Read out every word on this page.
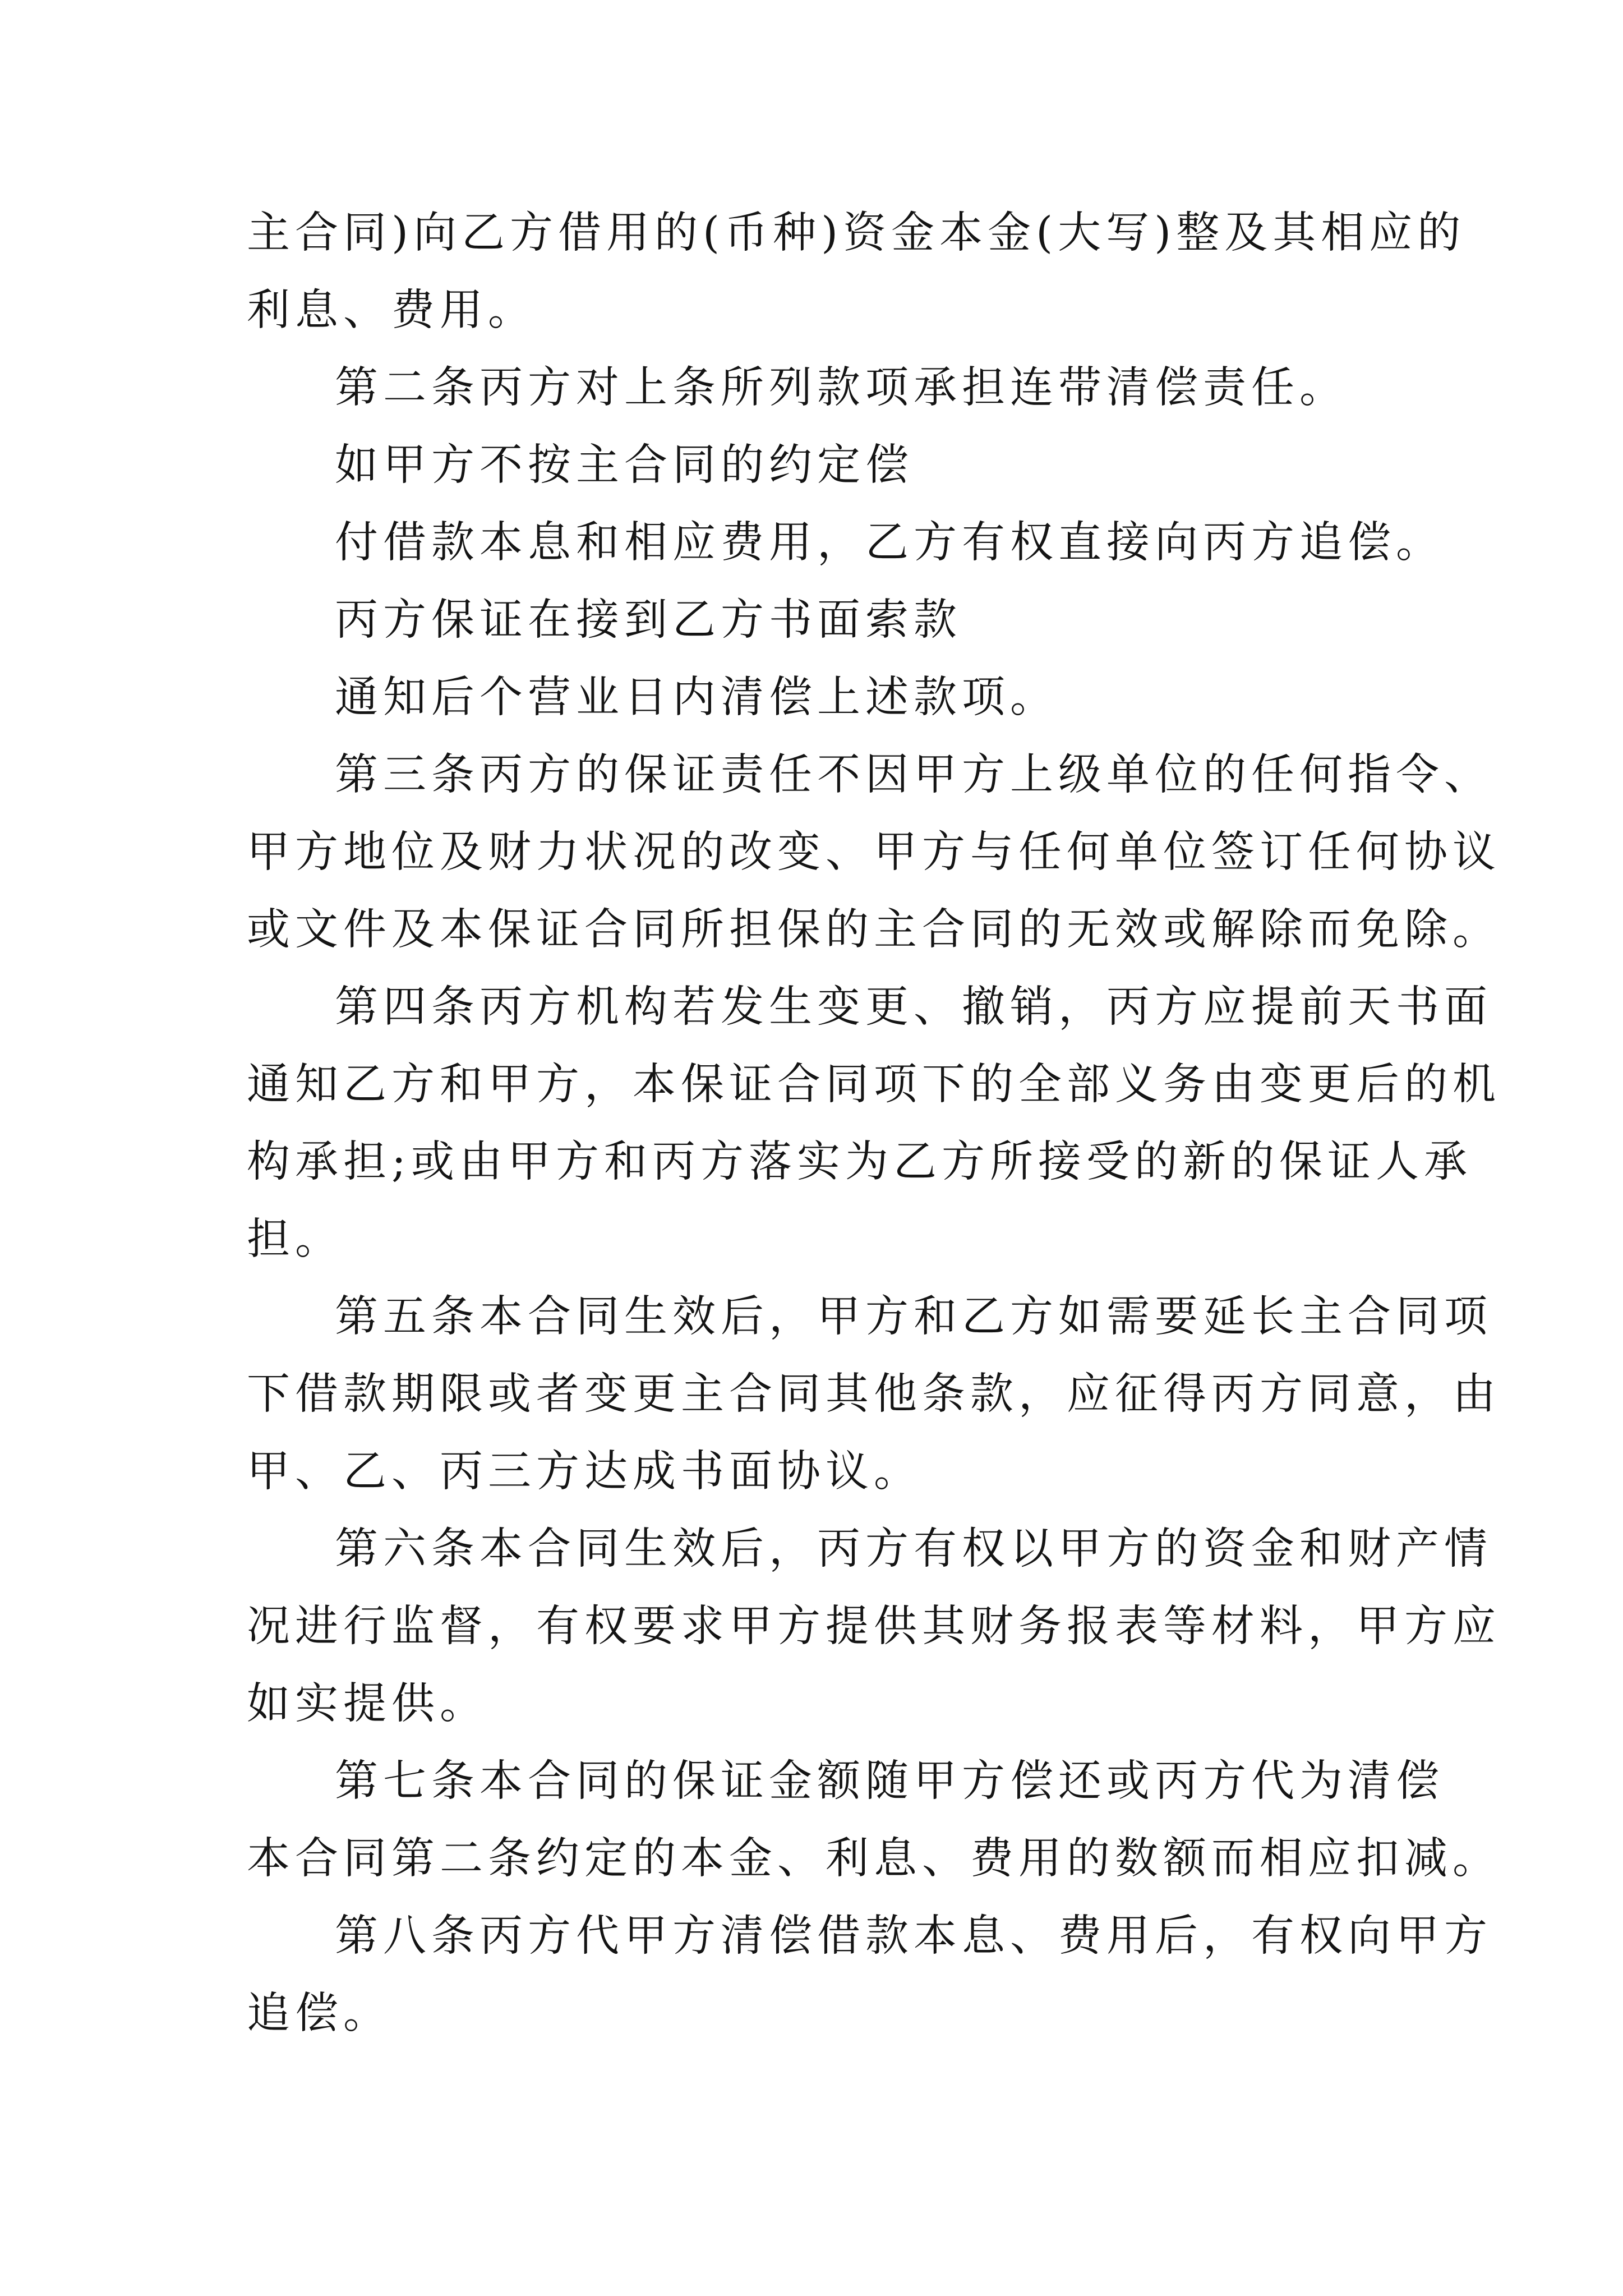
主合同)向乙方借用的(币种)资金本金(大写)整及其相应的
利息、费用。
第二条丙方对上条所列款项承担连带清偿责任。
如甲方不按主合同的约定偿
付借款本息和相应费用，乙方有权直接向丙方追偿。
丙方保证在接到乙方书面索款
通知后个营业日内清偿上述款项。
第三条丙方的保证责任不因甲方上级单位的任何指令、
甲方地位及财力状况的改变、甲方与任何单位签订任何协议
或文件及本保证合同所担保的主合同的无效或解除而免除。
第四条丙方机构若发生变更、撤销，丙方应提前天书面
通知乙方和甲方，本保证合同项下的全部义务由变更后的机
构承担;或由甲方和丙方落实为乙方所接受的新的保证人承
担。
第五条本合同生效后，甲方和乙方如需要延长主合同项
下借款期限或者变更主合同其他条款，应征得丙方同意，由
甲、乙、丙三方达成书面协议。
第六条本合同生效后，丙方有权以甲方的资金和财产情
况进行监督，有权要求甲方提供其财务报表等材料，甲方应
如实提供。
第七条本合同的保证金额随甲方偿还或丙方代为清偿
本合同第二条约定的本金、利息、费用的数额而相应扣减。
第八条丙方代甲方清偿借款本息、费用后，有权向甲方
追偿。
